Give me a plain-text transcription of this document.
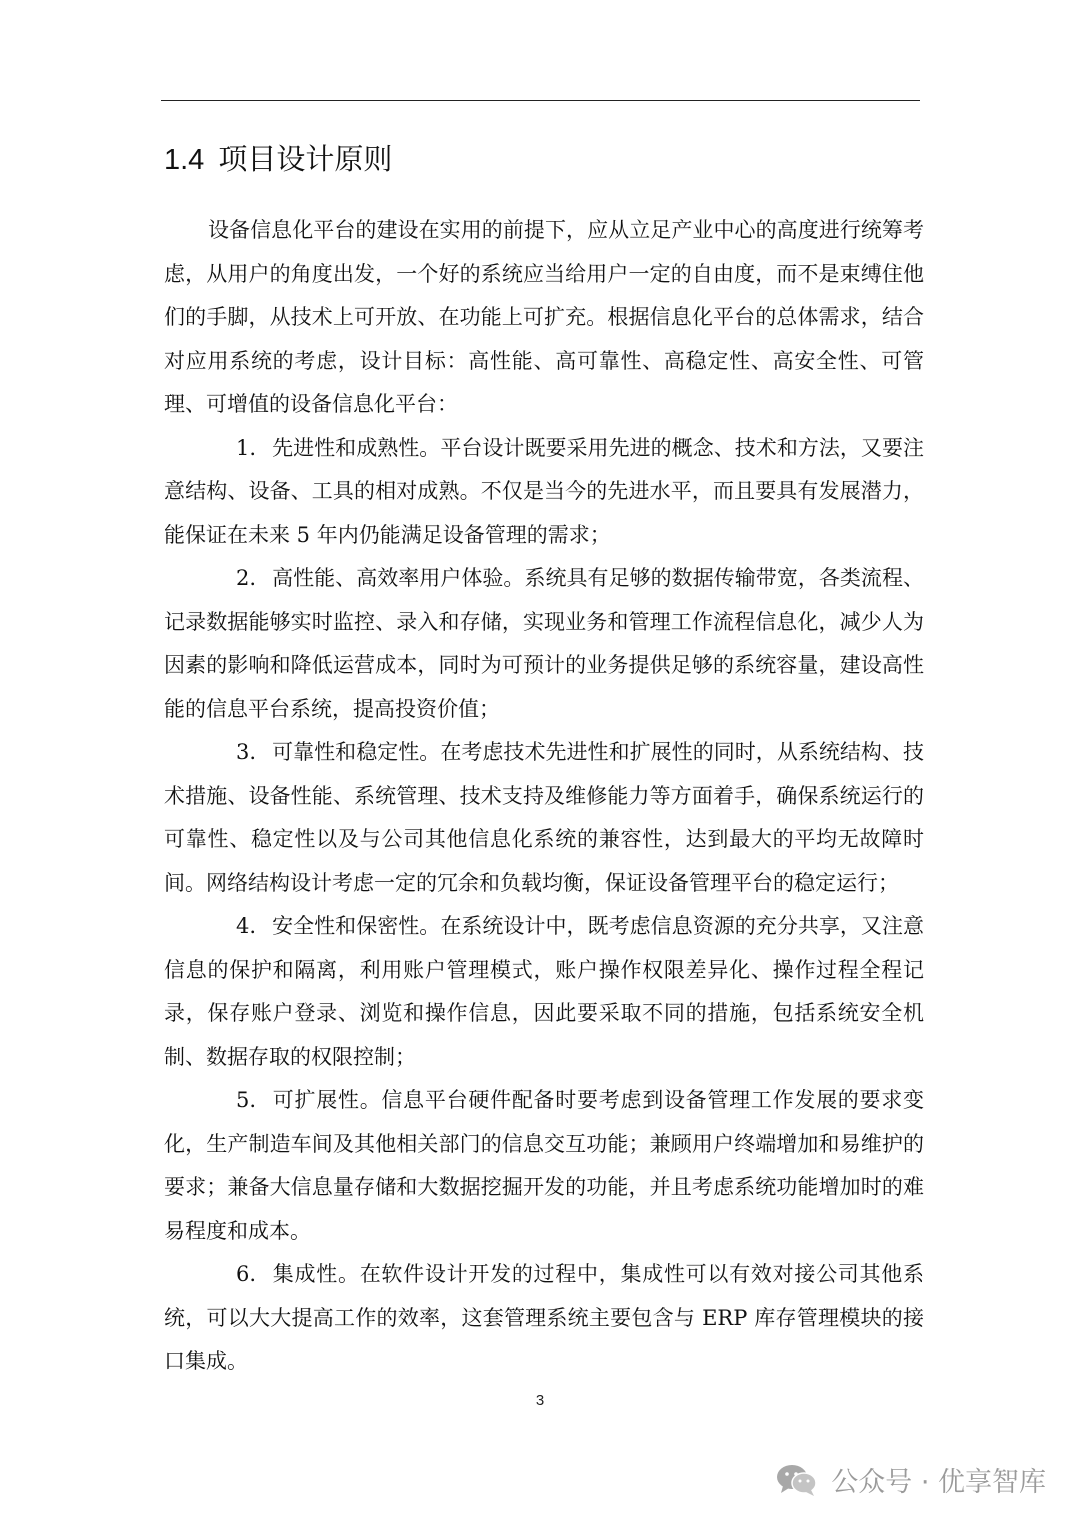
1.4 项目设计原则

设备信息化平台的建设在实用的前提下，应从立足产业中心的高度进行统筹考虑，从用户的角度出发，一个好的系统应当给用户一定的自由度，而不是束缚住他们的手脚，从技术上可开放、在功能上可扩充。根据信息化平台的总体需求，结合对应用系统的考虑，设计目标：高性能、高可靠性、高稳定性、高安全性、可管理、可增值的设备信息化平台：

1. 先进性和成熟性。平台设计既要采用先进的概念、技术和方法，又要注意结构、设备、工具的相对成熟。不仅是当今的先进水平，而且要具有发展潜力，能保证在未来 5 年内仍能满足设备管理的需求；

2. 高性能、高效率用户体验。系统具有足够的数据传输带宽，各类流程、记录数据能够实时监控、录入和存储，实现业务和管理工作流程信息化，减少人为因素的影响和降低运营成本，同时为可预计的业务提供足够的系统容量，建设高性能的信息平台系统，提高投资价值；

3. 可靠性和稳定性。在考虑技术先进性和扩展性的同时，从系统结构、技术措施、设备性能、系统管理、技术支持及维修能力等方面着手，确保系统运行的可靠性、稳定性以及与公司其他信息化系统的兼容性，达到最大的平均无故障时间。网络结构设计考虑一定的冗余和负载均衡，保证设备管理平台的稳定运行；

4. 安全性和保密性。在系统设计中，既考虑信息资源的充分共享，又注意信息的保护和隔离，利用账户管理模式，账户操作权限差异化、操作过程全程记录，保存账户登录、浏览和操作信息，因此要采取不同的措施，包括系统安全机制、数据存取的权限控制；

5. 可扩展性。信息平台硬件配备时要考虑到设备管理工作发展的要求变化，生产制造车间及其他相关部门的信息交互功能；兼顾用户终端增加和易维护的要求；兼备大信息量存储和大数据挖掘开发的功能，并且考虑系统功能增加时的难易程度和成本。

6. 集成性。在软件设计开发的过程中，集成性可以有效对接公司其他系统，可以大大提高工作的效率，这套管理系统主要包含与 ERP 库存管理模块的接口集成。

3
公众号 · 优享智库
